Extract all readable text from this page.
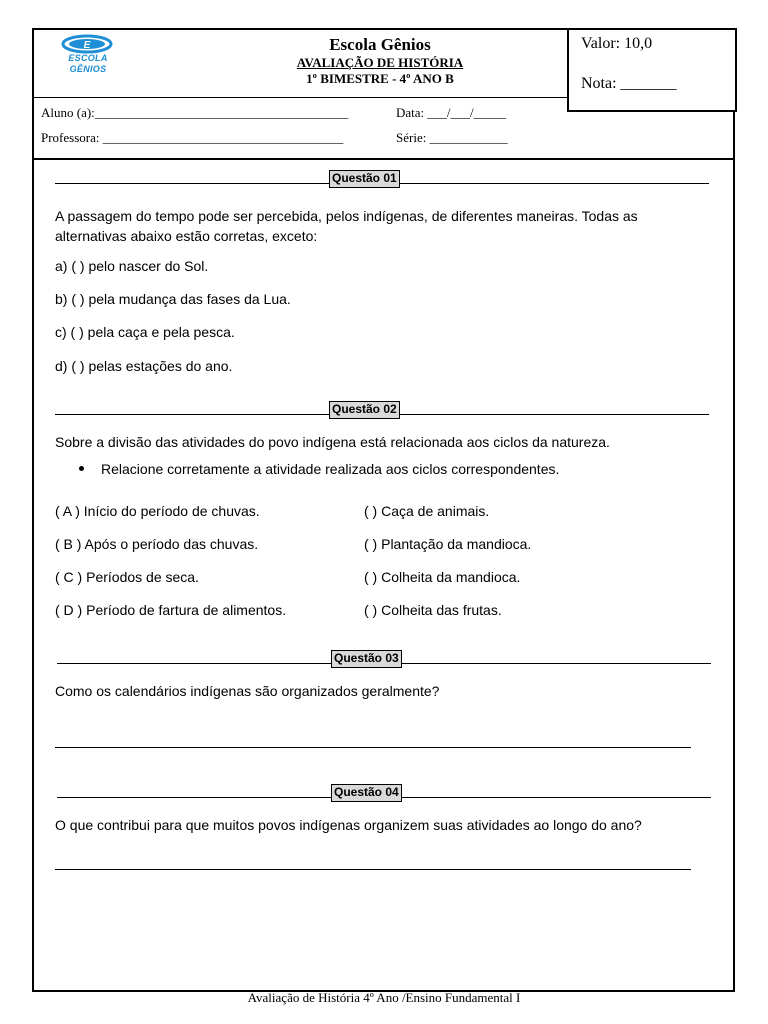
E
ESCOLA
GÊNIOS
Escola Gênios
AVALIAÇÃO DE HISTÓRIA
1º BIMESTRE - 4º ANO B
Valor: 10,0
Nota: _______
Aluno (a):_______________________________________	Data: ___/___/_____
Professora: _____________________________________	Série: ____________
Questão 01
A passagem do tempo pode ser percebida, pelos indígenas, de diferentes maneiras. Todas as
alternativas abaixo estão corretas, exceto:
a) ( ) pelo nascer do Sol.
b) ( ) pela mudança das fases da Lua.
c) ( ) pela caça e pela pesca.
d) ( ) pelas estações do ano.
Questão 02
Sobre a divisão das atividades do povo indígena está relacionada aos ciclos da natureza.
Relacione corretamente a atividade realizada aos ciclos correspondentes.
( A ) Início do período de chuvas.
( B ) Após o período das chuvas.
( C ) Períodos de seca.
( D ) Período de fartura de alimentos.
( ) Caça de animais.
( ) Plantação da mandioca.
( ) Colheita da mandioca.
( ) Colheita das frutas.
Questão 03
Como os calendários indígenas são organizados geralmente?
Questão 04
O que contribui para que muitos povos indígenas organizem suas atividades ao longo do ano?
Avaliação de História 4º Ano /Ensino Fundamental I
